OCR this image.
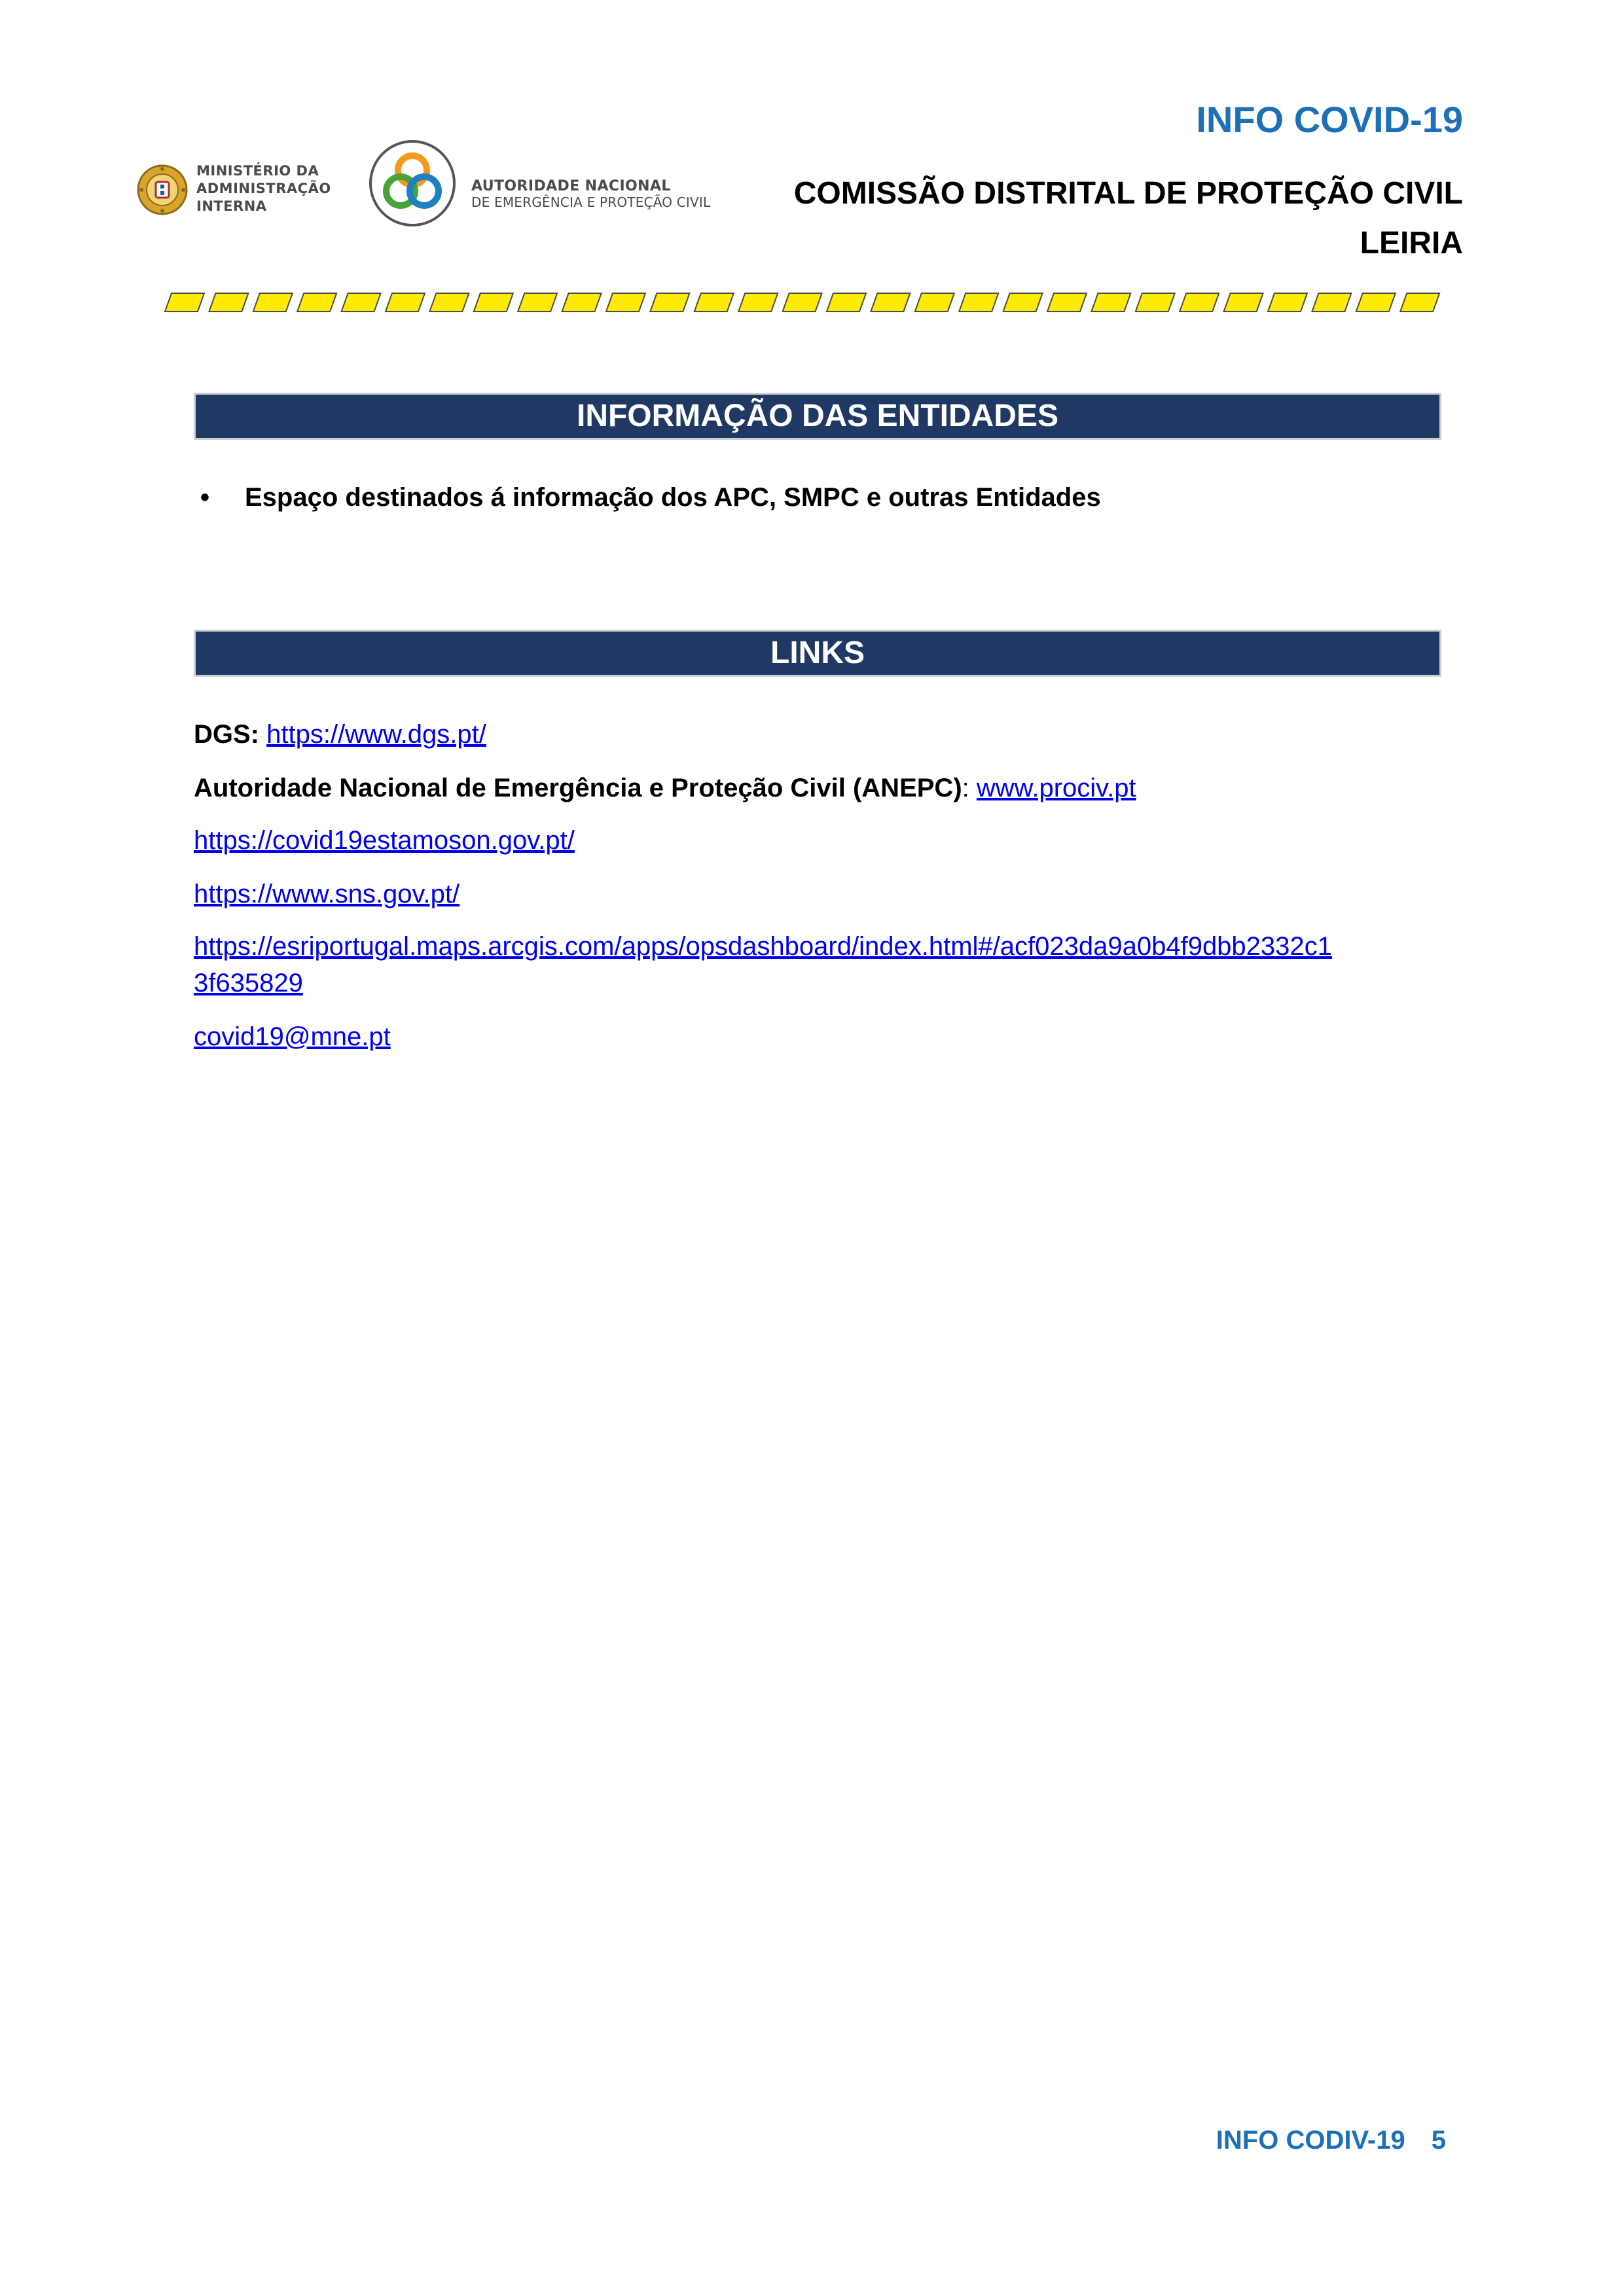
MINISTÉRIO DA
ADMINISTRAÇÃO
INTERNA
AUTORIDADE NACIONAL
DE EMERGÊNCIA E PROTEÇÃO CIVIL
INFO COVID-19
COMISSÃO DISTRITAL DE PROTEÇÃO CIVIL
LEIRIA
INFORMAÇÃO DAS ENTIDADES
• Espaço destinados á informação dos APC, SMPC e outras Entidades
LINKS
DGS: https://www.dgs.pt/
Autoridade Nacional de Emergência e Proteção Civil (ANEPC): www.prociv.pt
https://covid19estamoson.gov.pt/
https://www.sns.gov.pt/
https://esriportugal.maps.arcgis.com/apps/opsdashboard/index.html#/acf023da9a0b4f9dbb2332c1
3f635829
covid19@mne.pt
INFO CODIV-19 5
